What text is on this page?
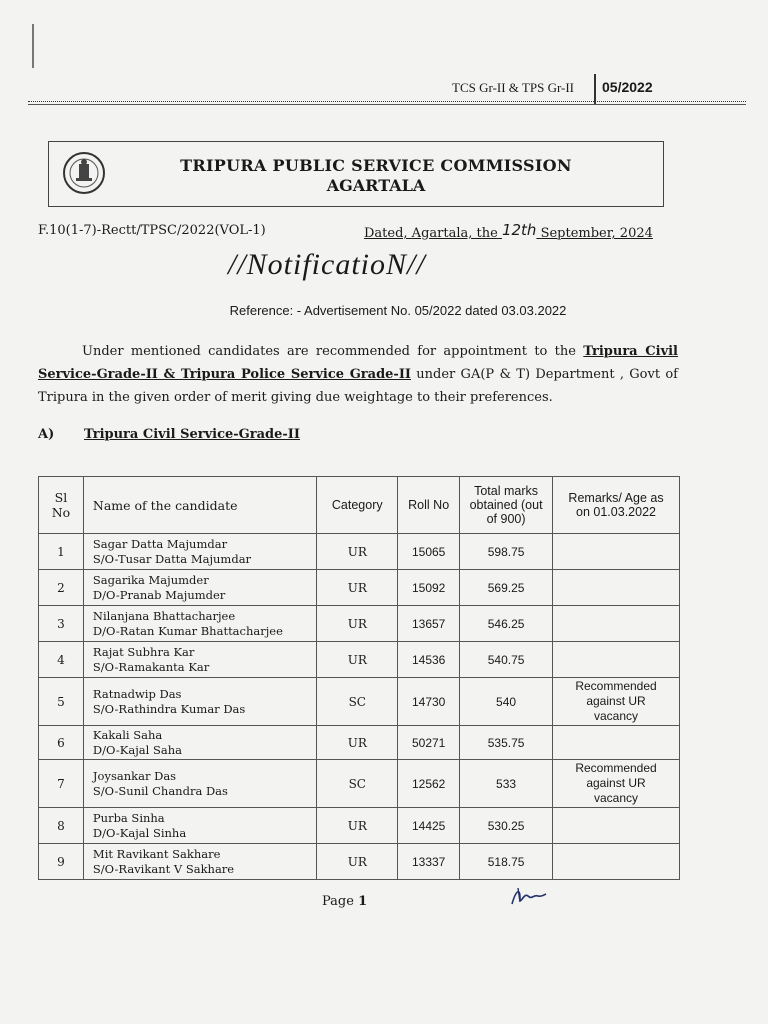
TCS Gr-II & TPS Gr-II 05/2022
TRIPURA PUBLIC SERVICE COMMISSION
AGARTALA
F.10(1-7)-Rectt/TPSC/2022(VOL-1)	Dated, Agartala, the 12th September, 2024
//NotificatioN//
Reference: - Advertisement No. 05/2022 dated 03.03.2022
Under mentioned candidates are recommended for appointment to the Tripura Civil Service-Grade-II & Tripura Police Service Grade-II under GA(P & T) Department , Govt of Tripura in the given order of merit giving due weightage to their preferences.
A) Tripura Civil Service-Grade-II
Sl No	Name of the candidate	Category	Roll No	Total marks obtained (out of 900)	Remarks/ Age as on 01.03.2022
1	Sagar Datta Majumdar
S/O-Tusar Datta Majumdar	UR	15065	598.75	
2	Sagarika Majumder
D/O-Pranab Majumder	UR	15092	569.25	
3	Nilanjana Bhattacharjee
D/O-Ratan Kumar Bhattacharjee	UR	13657	546.25	
4	Rajat Subhra Kar
S/O-Ramakanta Kar	UR	14536	540.75	
5	Ratnadwip Das
S/O-Rathindra Kumar Das	SC	14730	540	Recommended against UR vacancy
6	Kakali Saha
D/O-Kajal Saha	UR	50271	535.75	
7	Joysankar Das
S/O-Sunil Chandra Das	SC	12562	533	Recommended against UR vacancy
8	Purba Sinha
D/O-Kajal Sinha	UR	14425	530.25	
9	Mit Ravikant Sakhare
S/O-Ravikant V Sakhare	UR	13337	518.75	
Page 1
